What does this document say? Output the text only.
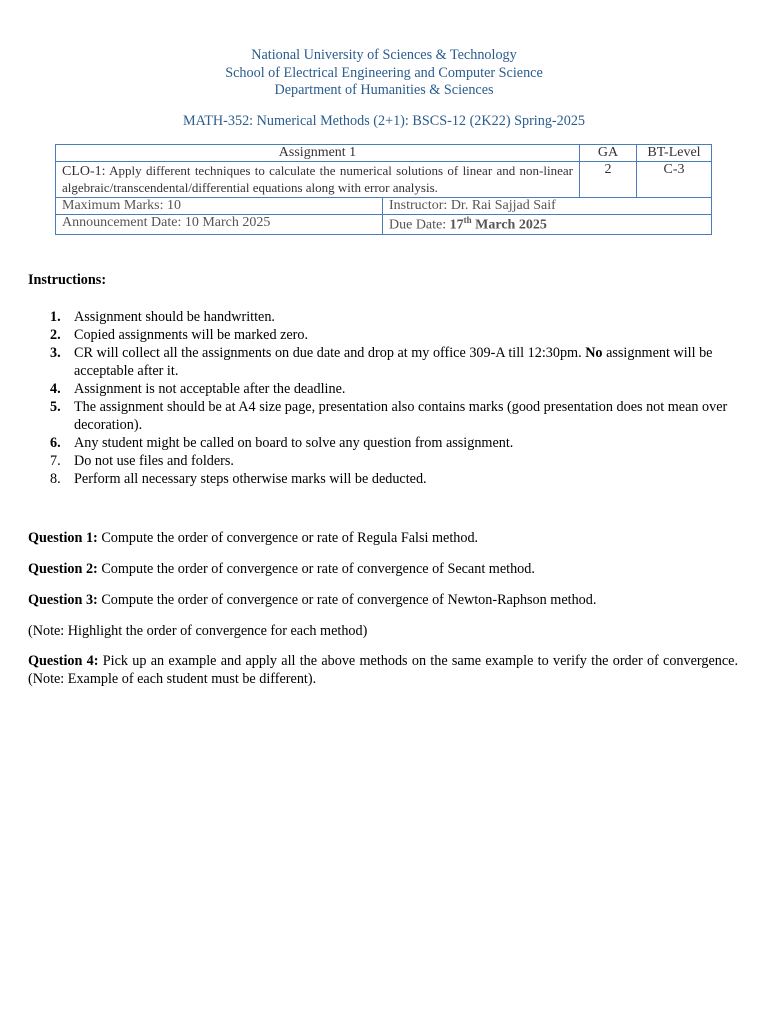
National University of Sciences & Technology
School of Electrical Engineering and Computer Science
Department of Humanities & Sciences
MATH-352: Numerical Methods (2+1): BSCS-12 (2K22) Spring-2025
Assignment 1		GA	BT-Level
CLO-1: Apply different techniques to calculate the numerical solutions of linear and non-linear algebraic/transcendental/differential equations along with error analysis.		2	C-3
Maximum Marks: 10	Instructor: Dr. Rai Sajjad Saif		
Announcement Date: 10 March 2025	Due Date: 17th March 2025		
Instructions:
1. Assignment should be handwritten.
2. Copied assignments will be marked zero.
3. CR will collect all the assignments on due date and drop at my office 309-A till 12:30pm. No assignment will be acceptable after it.
4. Assignment is not acceptable after the deadline.
5. The assignment should be at A4 size page, presentation also contains marks (good presentation does not mean over decoration).
6. Any student might be called on board to solve any question from assignment.
7. Do not use files and folders.
8. Perform all necessary steps otherwise marks will be deducted.
Question 1: Compute the order of convergence or rate of Regula Falsi method.
Question 2: Compute the order of convergence or rate of convergence of Secant method.
Question 3: Compute the order of convergence or rate of convergence of Newton-Raphson method.
(Note: Highlight the order of convergence for each method)
Question 4: Pick up an example and apply all the above methods on the same example to verify the order of convergence. (Note: Example of each student must be different).
